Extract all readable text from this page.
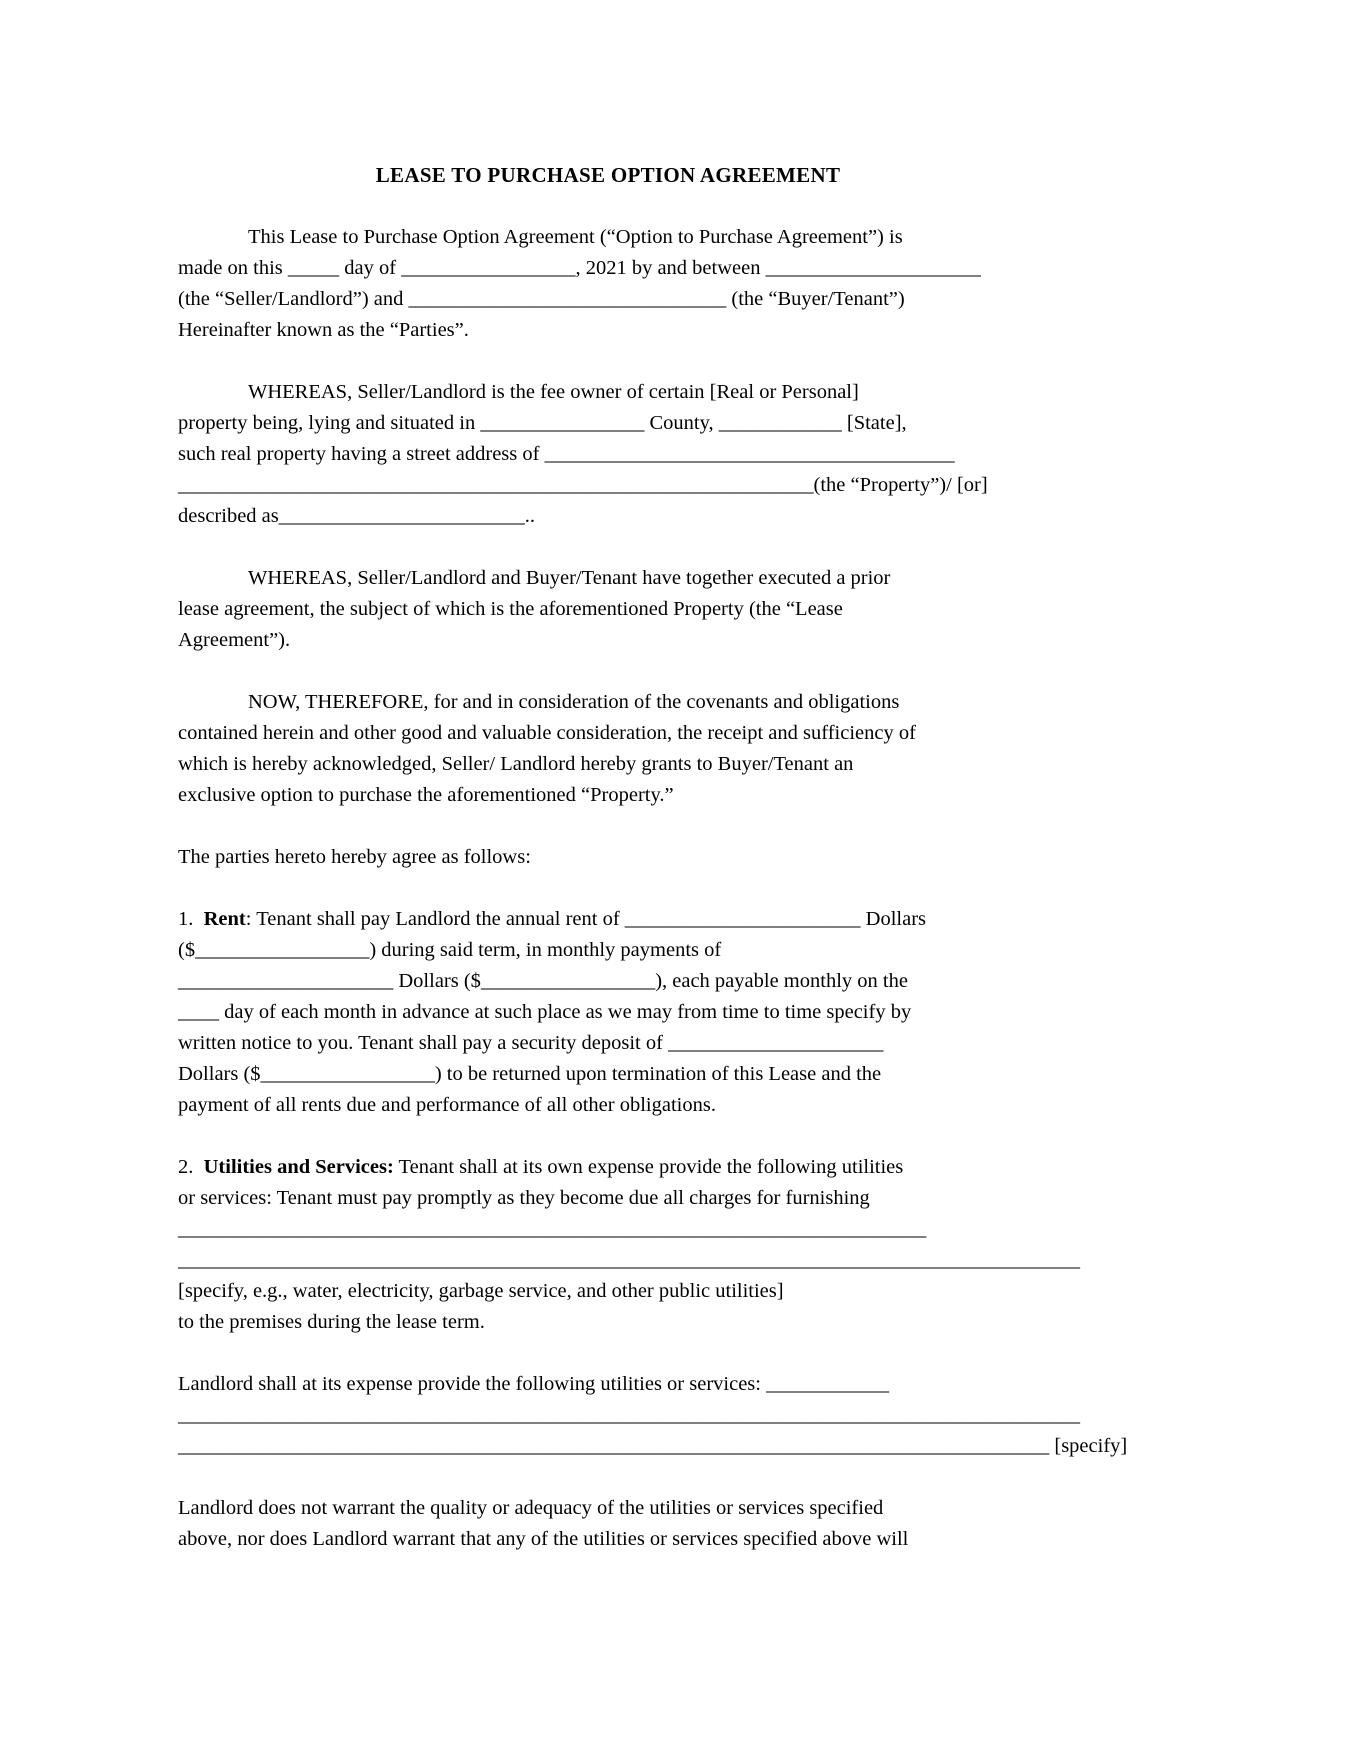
LEASE TO PURCHASE OPTION AGREEMENT

This Lease to Purchase Option Agreement (“Option to Purchase Agreement”) is
made on this _____ day of _________________, 2021 by and between _____________________
(the “Seller/Landlord”) and _______________________________ (the “Buyer/Tenant”)
Hereinafter known as the “Parties”.

WHEREAS, Seller/Landlord is the fee owner of certain [Real or Personal]
property being, lying and situated in ________________ County, ____________ [State],
such real property having a street address of ________________________________________
______________________________________________________________(the “Property”)/ [or]
described as________________________..

WHEREAS, Seller/Landlord and Buyer/Tenant have together executed a prior
lease agreement, the subject of which is the aforementioned Property (the “Lease
Agreement”).

NOW, THEREFORE, for and in consideration of the covenants and obligations
contained herein and other good and valuable consideration, the receipt and sufficiency of
which is hereby acknowledged, Seller/ Landlord hereby grants to Buyer/Tenant an
exclusive option to purchase the aforementioned “Property.”

The parties hereto hereby agree as follows:

1.  Rent: Tenant shall pay Landlord the annual rent of _______________________ Dollars
($_________________) during said term, in monthly payments of
_____________________ Dollars ($_________________), each payable monthly on the
____ day of each month in advance at such place as we may from time to time specify by
written notice to you. Tenant shall pay a security deposit of _____________________
Dollars ($_________________) to be returned upon termination of this Lease and the
payment of all rents due and performance of all other obligations.

2.  Utilities and Services: Tenant shall at its own expense provide the following utilities
or services: Tenant must pay promptly as they become due all charges for furnishing
_________________________________________________________________________
________________________________________________________________________________________
[specify, e.g., water, electricity, garbage service, and other public utilities]
to the premises during the lease term.

Landlord shall at its expense provide the following utilities or services: ____________
________________________________________________________________________________________
_____________________________________________________________________________________ [specify]

Landlord does not warrant the quality or adequacy of the utilities or services specified
above, nor does Landlord warrant that any of the utilities or services specified above will
